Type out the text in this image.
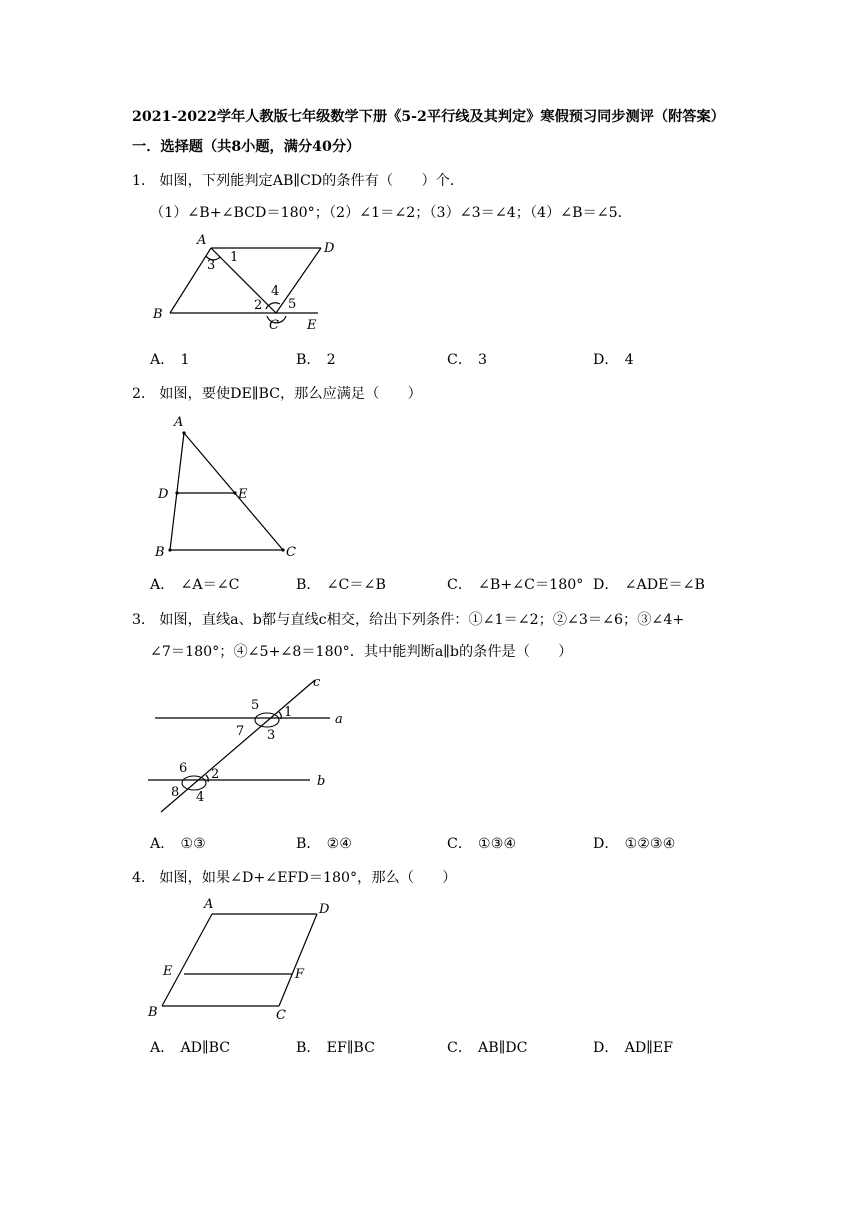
2021-2022学年人教版七年级数学下册《5-2平行线及其判定》寒假预习同步测评（附答案）
一．选择题（共8小题，满分40分）
1． 如图，下列能判定AB∥CD的条件有（　　）个．
（1）∠B+∠BCD＝180°；（2）∠1＝∠2；（3）∠3＝∠4；（4）∠B＝∠5．
A
B
C
D
E
1
2
3
4
5
A． 1	B． 2	C． 3	D． 4
2． 如图，要使DE∥BC，那么应满足（　　）
A
D	E
B	C
A． ∠A＝∠C	B． ∠C＝∠B	C． ∠B+∠C＝180° D． ∠ADE＝∠B
3． 如图，直线a、b都与直线c相交，给出下列条件：①∠1＝∠2；②∠3＝∠6；③∠4+
∠7＝180°；④∠5+∠8＝180°．其中能判断a∥b的条件是（　　）
c
a
b
5 1
7 3
6 2
8 4
A． ①③	B． ②④	C． ①③④	D． ①②③④
4． 如图，如果∠D+∠EFD＝180°，那么（　　）
A	D
E	F
B	C
A． AD∥BC	B． EF∥BC	C． AB∥DC	D． AD∥EF
